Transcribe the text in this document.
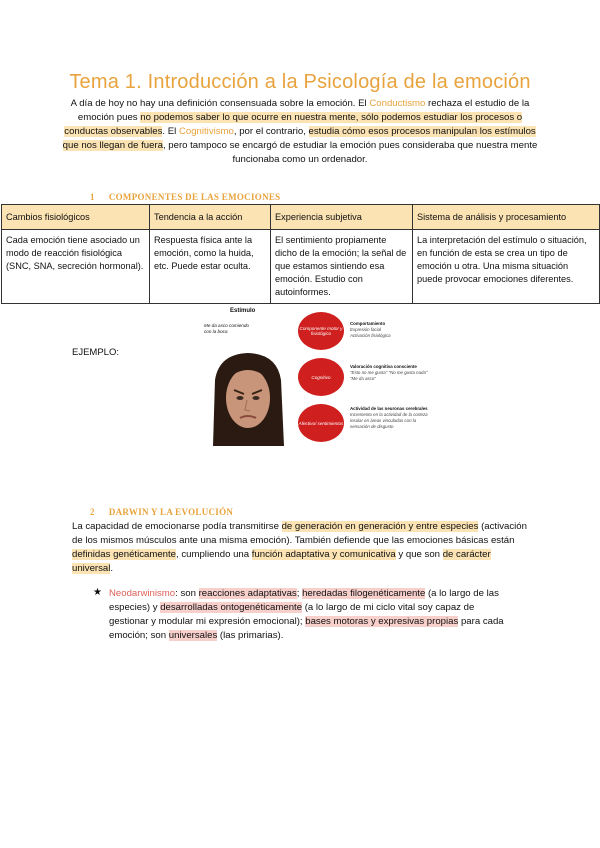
Tema 1. Introducción a la Psicología de la emoción
A día de hoy no hay una definición consensuada sobre la emoción. El Conductismo rechaza el estudio de la emoción pues no podemos saber lo que ocurre en nuestra mente, sólo podemos estudiar los procesos o conductas observables. El Cognitivismo, por el contrario, estudia cómo esos procesos manipulan los estímulos que nos llegan de fuera, pero tampoco se encargó de estudiar la emoción pues consideraba que nuestra mente funcionaba como un ordenador.
1 COMPONENTES DE LAS EMOCIONES
Cambios fisiológicos	Tendencia a la acción	Experiencia subjetiva	Sistema de análisis y procesamiento
Cada emoción tiene asociado un modo de reacción fisiológica (SNC, SNA, secreción hormonal).	Respuesta física ante la emoción, como la huida, etc. Puede estar oculta.	El sentimiento propiamente dicho de la emoción; la señal de que estamos sintiendo esa emoción. Estudio con autoinformes.	La interpretación del estímulo o situación, en función de esta se crea un tipo de emoción u otra. Una misma situación puede provocar emociones diferentes.
EJEMPLO:
Estímulo
Me da asco comiendo con la boca
Componente motor y fisiológico
Cognitivo
Afectivo/ sentimientos
Comportamiento
Expresión facial
Activación fisiológica
Valoración cognitiva consciente
"Esto no me gusta" "No me gusta nada" "Me da asco"
Actividad de las neuronas cerebrales
Incremento en la actividad de la corteza insular en áreas vinculadas con la sensación de disgusto
2 DARWIN Y LA EVOLUCIÓN
La capacidad de emocionarse podía transmitirse de generación en generación y entre especies (activación de los mismos músculos ante una misma emoción). También defiende que las emociones básicas están definidas genéticamente, cumpliendo una función adaptativa y comunicativa y que son de carácter universal.
★ Neodarwinismo: son reacciones adaptativas; heredadas filogenéticamente (a lo largo de las especies) y desarrolladas ontogenéticamente (a lo largo de mi ciclo vital soy capaz de gestionar y modular mi expresión emocional); bases motoras y expresivas propias para cada emoción; son universales (las primarias).
